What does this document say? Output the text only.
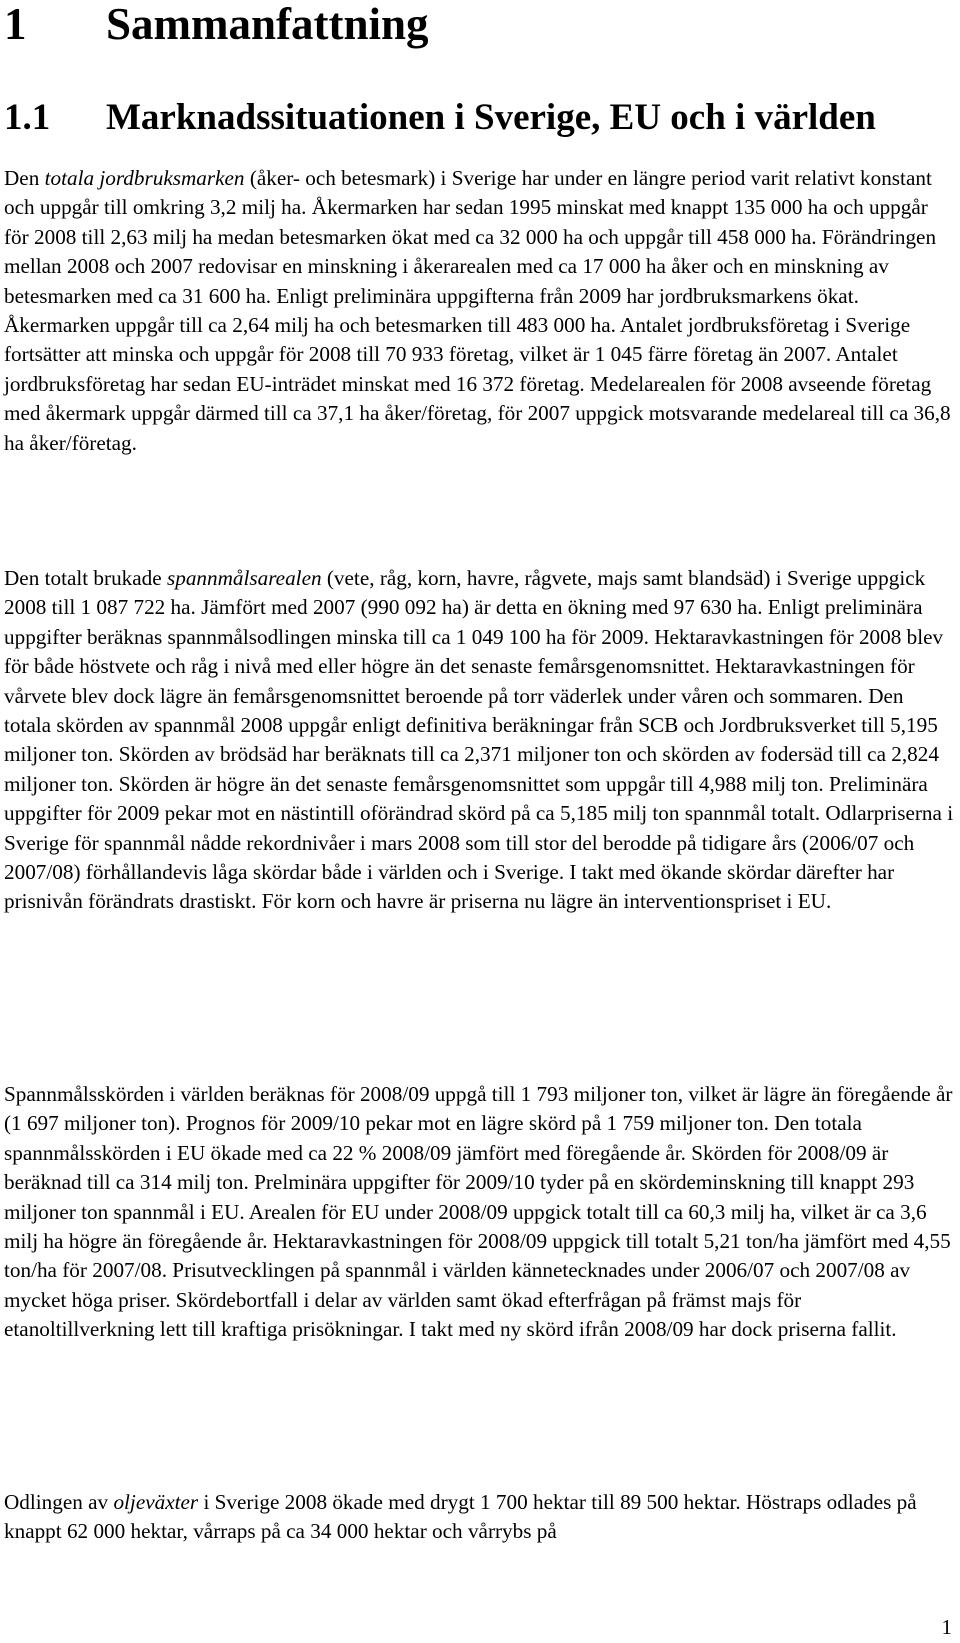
1 Sammanfattning
1.1 Marknadssituationen i Sverige, EU och i världen

Den totala jordbruksmarken (åker- och betesmark) i Sverige har under en längre period varit relativt konstant och uppgår till omkring 3,2 milj ha. Åkermarken har sedan 1995 minskat med knappt 135 000 ha och uppgår för 2008 till 2,63 milj ha medan betesmarken ökat med ca 32 000 ha och uppgår till 458 000 ha. Förändringen mellan 2008 och 2007 redovisar en minskning i åkerarealen med ca 17 000 ha åker och en minskning av betesmarken med ca 31 600 ha. Enligt preliminära uppgifterna från 2009 har jordbruksmarkens ökat. Åkermarken uppgår till ca 2,64 milj ha och betesmarken till 483 000 ha. Antalet jordbruksföretag i Sverige fortsätter att minska och uppgår för 2008 till 70 933 företag, vilket är 1 045 färre företag än 2007. Antalet jordbruksföretag har sedan EU-inträdet minskat med 16 372 företag. Medelarealen för 2008 avseende företag med åkermark uppgår därmed till ca 37,1 ha åker/företag, för 2007 uppgick motsvarande medelareal till ca 36,8 ha åker/företag.

Den totalt brukade spannmålsarealen (vete, råg, korn, havre, rågvete, majs samt blandsäd) i Sverige uppgick 2008 till 1 087 722 ha. Jämfört med 2007 (990 092 ha) är detta en ökning med 97 630 ha. Enligt preliminära uppgifter beräknas spannmålsodlingen minska till ca 1 049 100 ha för 2009. Hektaravkastningen för 2008 blev för både höstvete och råg i nivå med eller högre än det senaste femårsgenomsnittet. Hektaravkastningen för vårvete blev dock lägre än femårsgenomsnittet beroende på torr väderlek under våren och sommaren. Den totala skörden av spannmål 2008 uppgår enligt definitiva beräkningar från SCB och Jordbruksverket till 5,195 miljoner ton. Skörden av brödsäd har beräknats till ca 2,371 miljoner ton och skörden av fodersäd till ca 2,824 miljoner ton. Skörden är högre än det senaste femårsgenomsnittet som uppgår till 4,988 milj ton. Preliminära uppgifter för 2009 pekar mot en nästintill oförändrad skörd på ca 5,185 milj ton spannmål totalt. Odlarpriserna i Sverige för spannmål nådde rekordnivåer i mars 2008 som till stor del berodde på tidigare års (2006/07 och 2007/08) förhållandevis låga skördar både i världen och i Sverige. I takt med ökande skördar därefter har prisnivån förändrats drastiskt. För korn och havre är priserna nu lägre än interventionspriset i EU.

Spannmålsskörden i världen beräknas för 2008/09 uppgå till 1 793 miljoner ton, vilket är lägre än föregående år (1 697 miljoner ton). Prognos för 2009/10 pekar mot en lägre skörd på 1 759 miljoner ton. Den totala spannmålsskörden i EU ökade med ca 22 % 2008/09 jämfört med föregående år. Skörden för 2008/09 är beräknad till ca 314 milj ton. Prelminära uppgifter för 2009/10 tyder på en skördeminskning till knappt 293 miljoner ton spannmål i EU. Arealen för EU under 2008/09 uppgick totalt till ca 60,3 milj ha, vilket är ca 3,6 milj ha högre än föregående år. Hektaravkastningen för 2008/09 uppgick till totalt 5,21 ton/ha jämfört med 4,55 ton/ha för 2007/08. Prisutvecklingen på spannmål i världen kännetecknades under 2006/07 och 2007/08 av mycket höga priser. Skördebortfall i delar av världen samt ökad efterfrågan på främst majs för etanoltillverkning lett till kraftiga prisökningar. I takt med ny skörd ifrån 2008/09 har dock priserna fallit.

Odlingen av oljeväxter i Sverige 2008 ökade med drygt 1 700 hektar till 89 500 hektar. Höstraps odlades på knappt 62 000 hektar, vårraps på ca 34 000 hektar och vårrybs på

1
